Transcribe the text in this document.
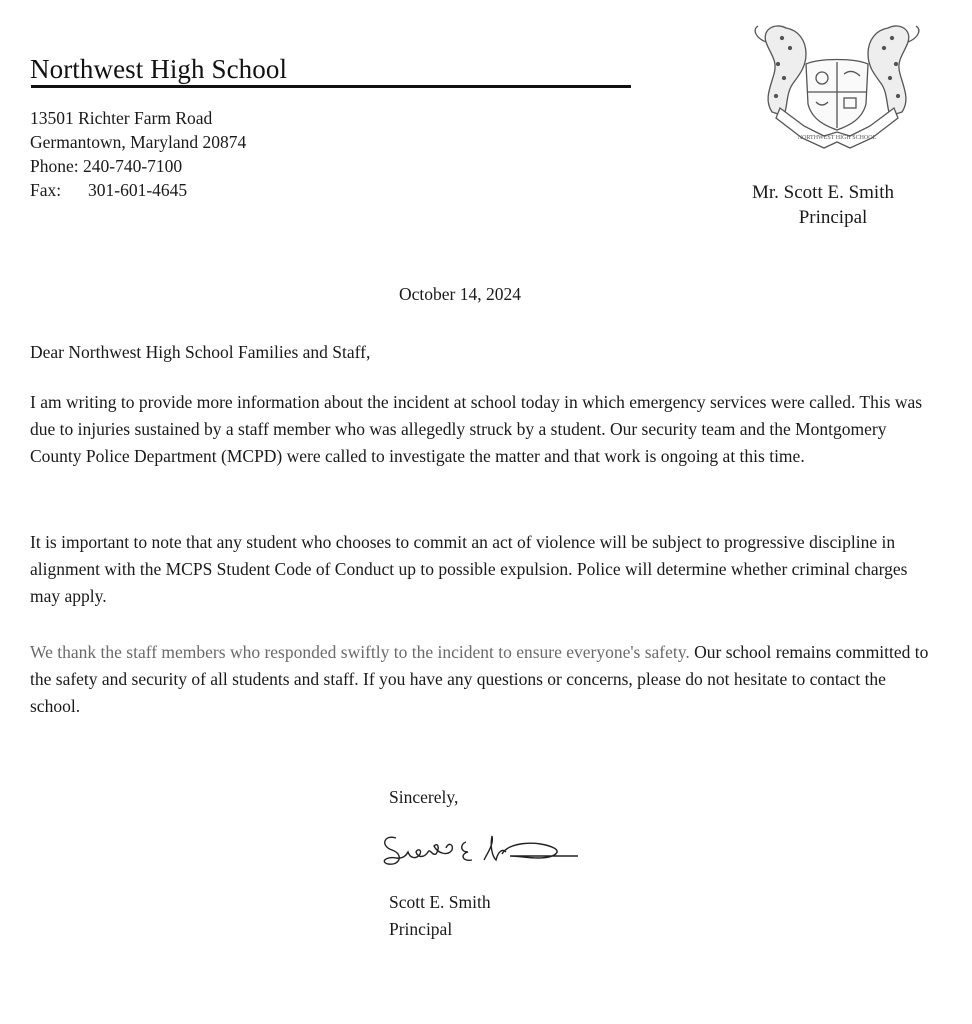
Northwest High School
13501 Richter Farm Road
Germantown, Maryland 20874
Phone: 240-740-7100
Fax: 301-601-4645
NORTHWEST HIGH SCHOOL
Mr. Scott E. Smith
Principal
October 14, 2024
Dear Northwest High School Families and Staff,
I am writing to provide more information about the incident at school today in which emergency services were called. This was due to injuries sustained by a staff member who was allegedly struck by a student. Our security team and the Montgomery County Police Department (MCPD) were called to investigate the matter and that work is ongoing at this time.
It is important to note that any student who chooses to commit an act of violence will be subject to progressive discipline in alignment with the MCPS Student Code of Conduct up to possible expulsion. Police will determine whether criminal charges may apply.
We thank the staff members who responded swiftly to the incident to ensure everyone's safety. Our school remains committed to the safety and security of all students and staff. If you have any questions or concerns, please do not hesitate to contact the school.
Sincerely,
Scott E. Smith
Principal
